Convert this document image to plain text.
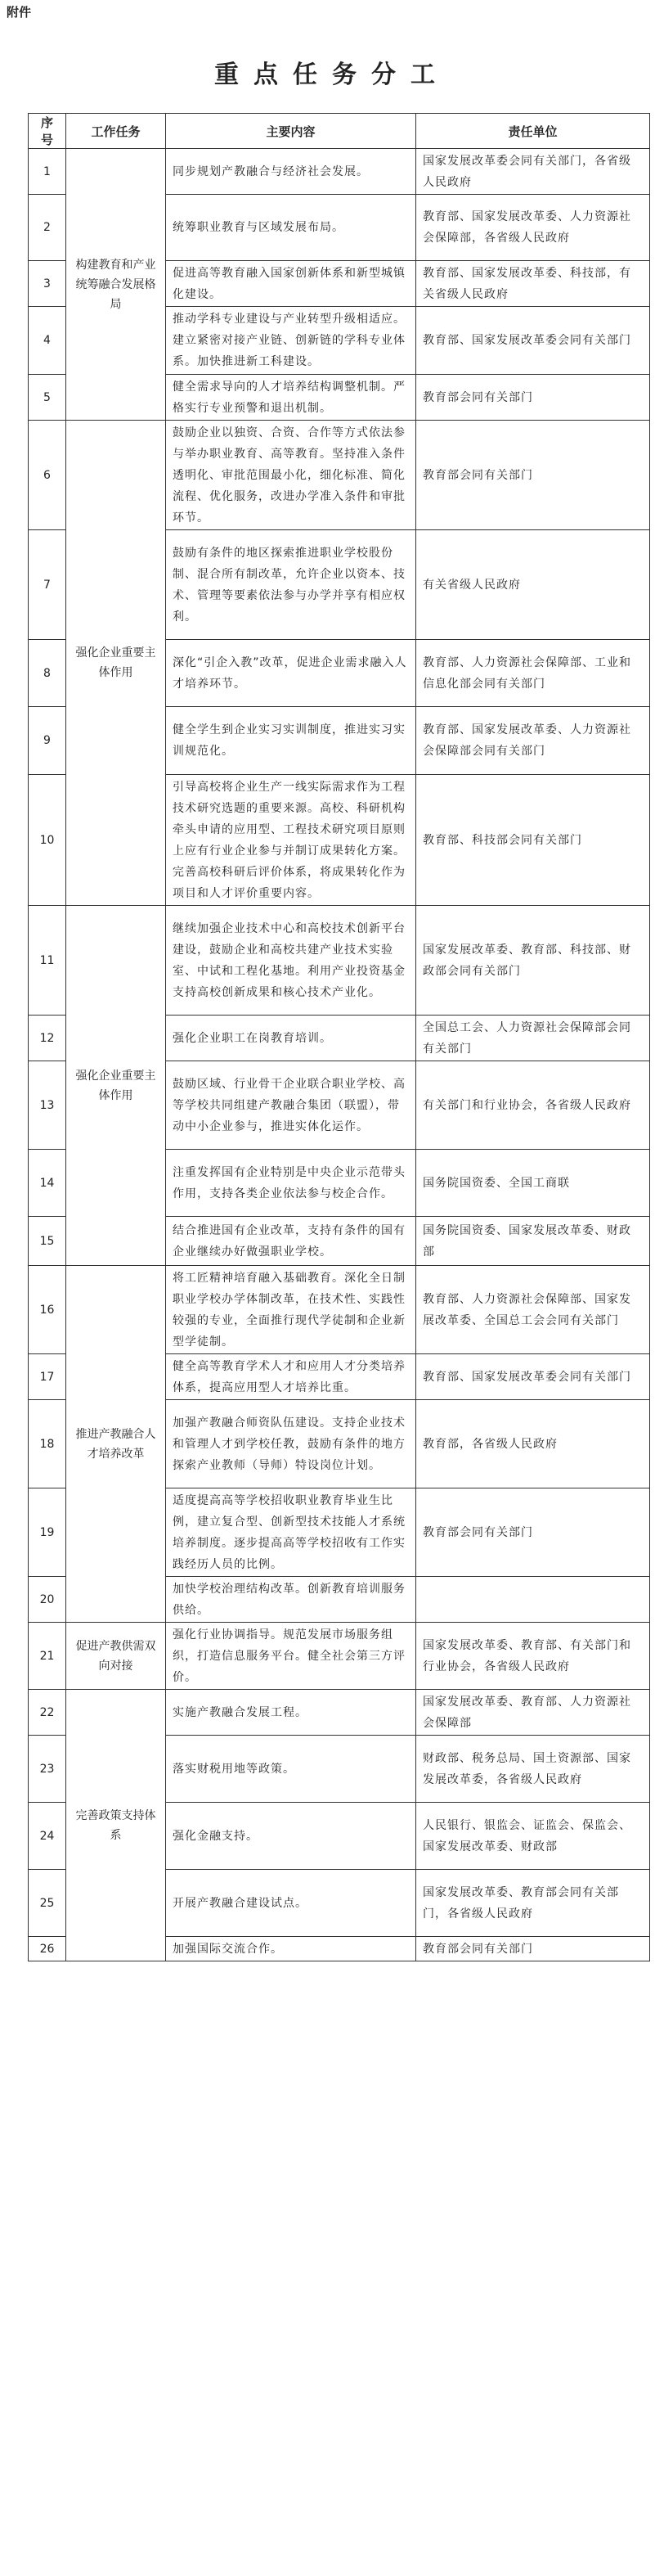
附件
重点任务分工
序号	工作任务	主要内容	责任单位
1	构建教育和产业统筹融合发展格局	同步规划产教融合与经济社会发展。	国家发展改革委会同有关部门，各省级人民政府
2		统筹职业教育与区域发展布局。	教育部、国家发展改革委、人力资源社会保障部，各省级人民政府
3		促进高等教育融入国家创新体系和新型城镇化建设。	教育部、国家发展改革委、科技部，有关省级人民政府
4		推动学科专业建设与产业转型升级相适应。建立紧密对接产业链、创新链的学科专业体系。加快推进新工科建设。	教育部、国家发展改革委会同有关部门
5		健全需求导向的人才培养结构调整机制。严格实行专业预警和退出机制。	教育部会同有关部门
6	强化企业重要主体作用	鼓励企业以独资、合资、合作等方式依法参与举办职业教育、高等教育。坚持准入条件透明化、审批范围最小化，细化标准、简化流程、优化服务，改进办学准入条件和审批环节。	教育部会同有关部门
7		鼓励有条件的地区探索推进职业学校股份制、混合所有制改革，允许企业以资本、技术、管理等要素依法参与办学并享有相应权利。	有关省级人民政府
8		深化“引企入教”改革，促进企业需求融入人才培养环节。	教育部、人力资源社会保障部、工业和信息化部会同有关部门
9		健全学生到企业实习实训制度，推进实习实训规范化。	教育部、国家发展改革委、人力资源社会保障部会同有关部门
10		引导高校将企业生产一线实际需求作为工程技术研究选题的重要来源。高校、科研机构牵头申请的应用型、工程技术研究项目原则上应有行业企业参与并制订成果转化方案。完善高校科研后评价体系，将成果转化作为项目和人才评价重要内容。	教育部、科技部会同有关部门
11	强化企业重要主体作用	继续加强企业技术中心和高校技术创新平台建设，鼓励企业和高校共建产业技术实验室、中试和工程化基地。利用产业投资基金支持高校创新成果和核心技术产业化。	国家发展改革委、教育部、科技部、财政部会同有关部门
12		强化企业职工在岗教育培训。	全国总工会、人力资源社会保障部会同有关部门
13		鼓励区域、行业骨干企业联合职业学校、高等学校共同组建产教融合集团（联盟），带动中小企业参与，推进实体化运作。	有关部门和行业协会，各省级人民政府
14		注重发挥国有企业特别是中央企业示范带头作用，支持各类企业依法参与校企合作。	国务院国资委、全国工商联
15		结合推进国有企业改革，支持有条件的国有企业继续办好做强职业学校。	国务院国资委、国家发展改革委、财政部
16	推进产教融合人才培养改革	将工匠精神培育融入基础教育。深化全日制职业学校办学体制改革，在技术性、实践性较强的专业，全面推行现代学徒制和企业新型学徒制。	教育部、人力资源社会保障部、国家发展改革委、全国总工会会同有关部门
17		健全高等教育学术人才和应用人才分类培养体系，提高应用型人才培养比重。	教育部、国家发展改革委会同有关部门
18		加强产教融合师资队伍建设。支持企业技术和管理人才到学校任教，鼓励有条件的地方探索产业教师（导师）特设岗位计划。	教育部，各省级人民政府
19		适度提高高等学校招收职业教育毕业生比例，建立复合型、创新型技术技能人才系统培养制度。逐步提高高等学校招收有工作实践经历人员的比例。	教育部会同有关部门
20		加快学校治理结构改革。创新教育培训服务供给。	
21	促进产教供需双向对接	强化行业协调指导。规范发展市场服务组织，打造信息服务平台。健全社会第三方评价。	国家发展改革委、教育部、有关部门和行业协会，各省级人民政府
22	完善政策支持体系	实施产教融合发展工程。	国家发展改革委、教育部、人力资源社会保障部
23		落实财税用地等政策。	财政部、税务总局、国土资源部、国家发展改革委，各省级人民政府
24		强化金融支持。	人民银行、银监会、证监会、保监会、国家发展改革委、财政部
25		开展产教融合建设试点。	国家发展改革委、教育部会同有关部门，各省级人民政府
26		加强国际交流合作。	教育部会同有关部门
